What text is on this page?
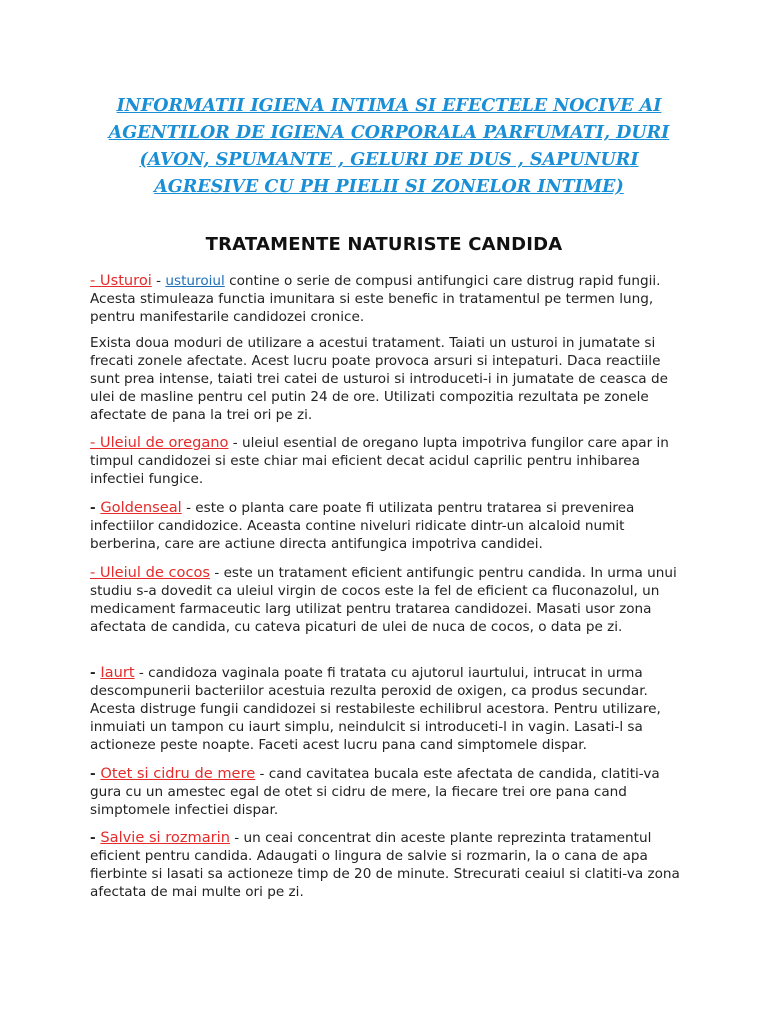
INFORMATII IGIENA INTIMA SI EFECTELE NOCIVE AI AGENTILOR DE IGIENA CORPORALA PARFUMATI, DURI (AVON, SPUMANTE , GELURI DE DUS , SAPUNURI AGRESIVE CU PH PIELII SI ZONELOR INTIME)

TRATAMENTE NATURISTE CANDIDA

- Usturoi - usturoiul contine o serie de compusi antifungici care distrug rapid fungii. Acesta stimuleaza functia imunitara si este benefic in tratamentul pe termen lung, pentru manifestarile candidozei cronice.

Exista doua moduri de utilizare a acestui tratament. Taiati un usturoi in jumatate si frecati zonele afectate. Acest lucru poate provoca arsuri si intepaturi. Daca reactiile sunt prea intense, taiati trei catei de usturoi si introduceti-i in jumatate de ceasca de ulei de masline pentru cel putin 24 de ore. Utilizati compozitia rezultata pe zonele afectate de pana la trei ori pe zi.

- Uleiul de oregano - uleiul esential de oregano lupta impotriva fungilor care apar in timpul candidozei si este chiar mai eficient decat acidul caprilic pentru inhibarea infectiei fungice.

- Goldenseal - este o planta care poate fi utilizata pentru tratarea si prevenirea infectiilor candidozice. Aceasta contine niveluri ridicate dintr-un alcaloid numit berberina, care are actiune directa antifungica impotriva candidei.

- Uleiul de cocos - este un tratament eficient antifungic pentru candida. In urma unui studiu s-a dovedit ca uleiul virgin de cocos este la fel de eficient ca fluconazolul, un medicament farmaceutic larg utilizat pentru tratarea candidozei. Masati usor zona afectata de candida, cu cateva picaturi de ulei de nuca de cocos, o data pe zi.

- Iaurt - candidoza vaginala poate fi tratata cu ajutorul iaurtului, intrucat in urma descompunerii bacteriilor acestuia rezulta peroxid de oxigen, ca produs secundar. Acesta distruge fungii candidozei si restabileste echilibrul acestora. Pentru utilizare, inmuiati un tampon cu iaurt simplu, neindulcit si introduceti-l in vagin. Lasati-l sa actioneze peste noapte. Faceti acest lucru pana cand simptomele dispar.

- Otet si cidru de mere - cand cavitatea bucala este afectata de candida, clatiti-va gura cu un amestec egal de otet si cidru de mere, la fiecare trei ore pana cand simptomele infectiei dispar.

- Salvie si rozmarin - un ceai concentrat din aceste plante reprezinta tratamentul eficient pentru candida. Adaugati o lingura de salvie si rozmarin, la o cana de apa fierbinte si lasati sa actioneze timp de 20 de minute. Strecurati ceaiul si clatiti-va zona afectata de mai multe ori pe zi.
